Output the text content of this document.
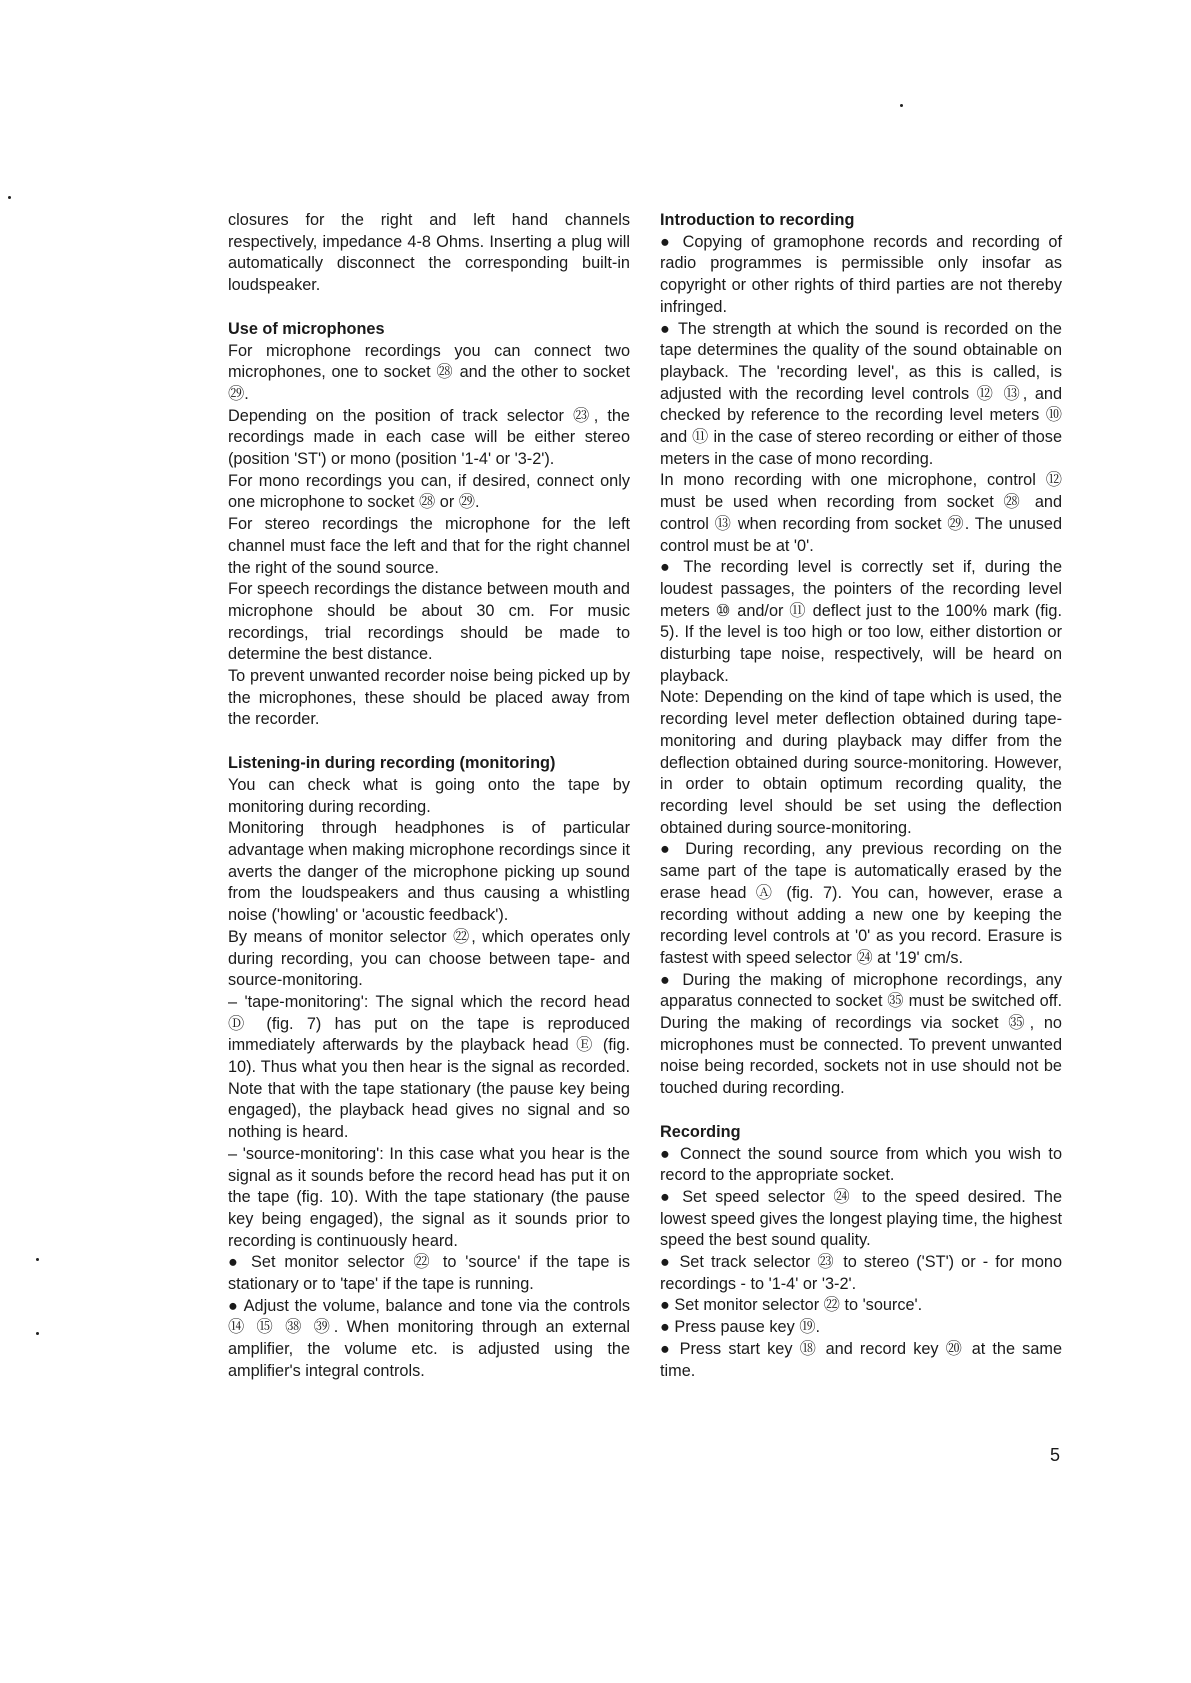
closures for the right and left hand channels respectively, impedance 4-8 Ohms. Inserting a plug will automatically disconnect the corresponding built-in loudspeaker.

Use of microphones

For microphone recordings you can connect two microphones, one to socket ㉘ and the other to socket ㉙.

Depending on the position of track selector ㉓, the recordings made in each case will be either stereo (position 'ST') or mono (position '1-4' or '3-2').

For mono recordings you can, if desired, connect only one microphone to socket ㉘ or ㉙.

For stereo recordings the microphone for the left channel must face the left and that for the right channel the right of the sound source.

For speech recordings the distance between mouth and microphone should be about 30 cm. For music recordings, trial recordings should be made to determine the best distance.

To prevent unwanted recorder noise being picked up by the microphones, these should be placed away from the recorder.

Listening-in during recording (monitoring)

You can check what is going onto the tape by monitoring during recording.

Monitoring through headphones is of particular advantage when making microphone recordings since it averts the danger of the microphone picking up sound from the loudspeakers and thus causing a whistling noise ('howling' or 'acoustic feedback').

By means of monitor selector ㉒, which operates only during recording, you can choose between tape- and source-monitoring.

– 'tape-monitoring': The signal which the record head Ⓓ (fig. 7) has put on the tape is reproduced immediately afterwards by the playback head Ⓔ (fig. 10). Thus what you then hear is the signal as recorded. Note that with the tape stationary (the pause key being engaged), the playback head gives no signal and so nothing is heard.

– 'source-monitoring': In this case what you hear is the signal as it sounds before the record head has put it on the tape (fig. 10). With the tape stationary (the pause key being engaged), the signal as it sounds prior to recording is continuously heard.

● Set monitor selector ㉒ to 'source' if the tape is stationary or to 'tape' if the tape is running.

● Adjust the volume, balance and tone via the controls ⑭ ⑮ ㊳ ㊴. When monitoring through an external amplifier, the volume etc. is adjusted using the amplifier's integral controls.

Introduction to recording

● Copying of gramophone records and recording of radio programmes is permissible only insofar as copyright or other rights of third parties are not thereby infringed.

● The strength at which the sound is recorded on the tape determines the quality of the sound obtainable on playback. The 'recording level', as this is called, is adjusted with the recording level controls ⑫ ⑬, and checked by reference to the recording level meters ⑩ and ⑪ in the case of stereo recording or either of those meters in the case of mono recording.

In mono recording with one microphone, control ⑫ must be used when recording from socket ㉘ and control ⑬ when recording from socket ㉙. The unused control must be at '0'.

● The recording level is correctly set if, during the loudest passages, the pointers of the recording level meters ⑩ and/or ⑪ deflect just to the 100% mark (fig. 5). If the level is too high or too low, either distortion or disturbing tape noise, respectively, will be heard on playback.

Note: Depending on the kind of tape which is used, the recording level meter deflection obtained during tape-monitoring and during playback may differ from the deflection obtained during source-monitoring. However, in order to obtain optimum recording quality, the recording level should be set using the deflection obtained during source-monitoring.

● During recording, any previous recording on the same part of the tape is automatically erased by the erase head Ⓐ (fig. 7). You can, however, erase a recording without adding a new one by keeping the recording level controls at '0' as you record. Erasure is fastest with speed selector ㉔ at '19' cm/s.

● During the making of microphone recordings, any apparatus connected to socket ㉟ must be switched off. During the making of recordings via socket ㉟, no microphones must be connected. To prevent unwanted noise being recorded, sockets not in use should not be touched during recording.

Recording

● Connect the sound source from which you wish to record to the appropriate socket.

● Set speed selector ㉔ to the speed desired. The lowest speed gives the longest playing time, the highest speed the best sound quality.

● Set track selector ㉓ to stereo ('ST') or - for mono recordings - to '1-4' or '3-2'.

● Set monitor selector ㉒ to 'source'.

● Press pause key ⑲.

● Press start key ⑱ and record key ⑳ at the same time.

5
